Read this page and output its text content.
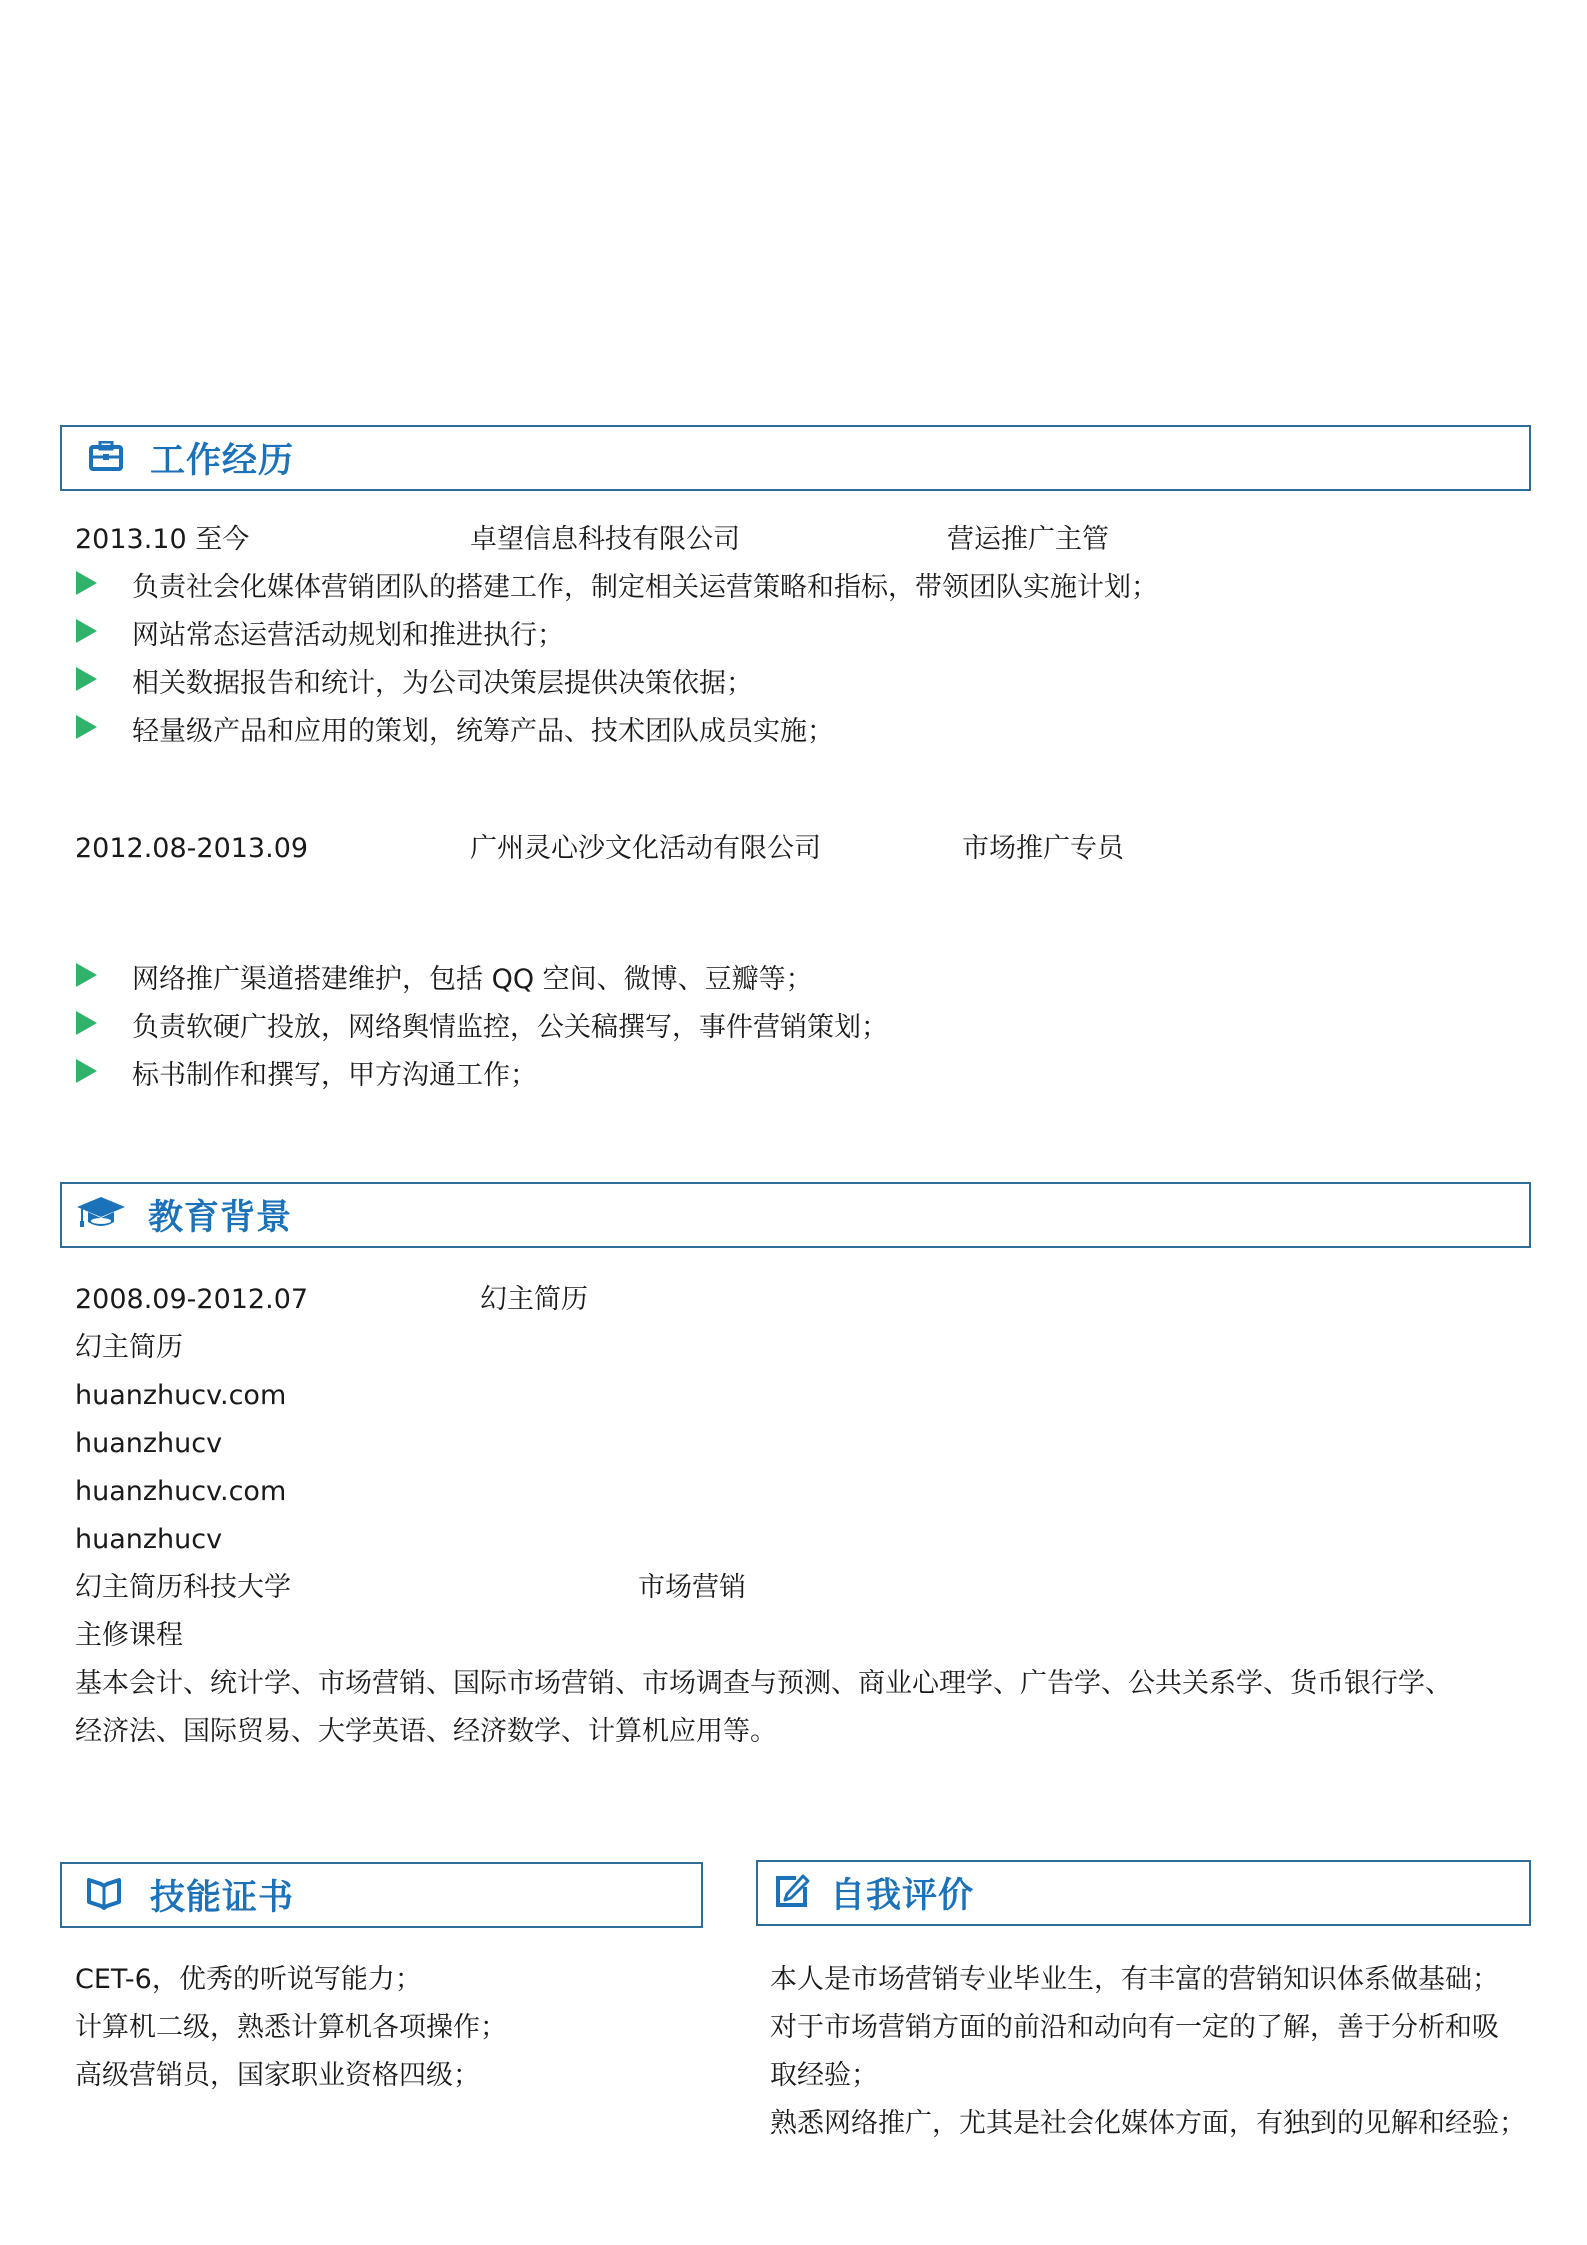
工作经历
2013.10 至今	卓望信息科技有限公司	营运推广主管
负责社会化媒体营销团队的搭建工作，制定相关运营策略和指标，带领团队实施计划；
网站常态运营活动规划和推进执行；
相关数据报告和统计，为公司决策层提供决策依据；
轻量级产品和应用的策划，统筹产品、技术团队成员实施；
2012.08-2013.09	广州灵心沙文化活动有限公司	市场推广专员
网络推广渠道搭建维护，包括 QQ 空间、微博、豆瓣等；
负责软硬广投放，网络舆情监控，公关稿撰写，事件营销策划；
标书制作和撰写，甲方沟通工作；
教育背景
2008.09-2012.07	幻主简历
幻主简历
huanzhucv.com
huanzhucv
huanzhucv.com
huanzhucv
幻主简历科技大学	市场营销
主修课程
基本会计、统计学、市场营销、国际市场营销、市场调查与预测、商业心理学、广告学、公共关系学、货币银行学、
经济法、国际贸易、大学英语、经济数学、计算机应用等。
技能证书
CET-6，优秀的听说写能力；
计算机二级，熟悉计算机各项操作；
高级营销员，国家职业资格四级；
自我评价
本人是市场营销专业毕业生，有丰富的营销知识体系做基础；
对于市场营销方面的前沿和动向有一定的了解，善于分析和吸
取经验；
熟悉网络推广，尤其是社会化媒体方面，有独到的见解和经验；
